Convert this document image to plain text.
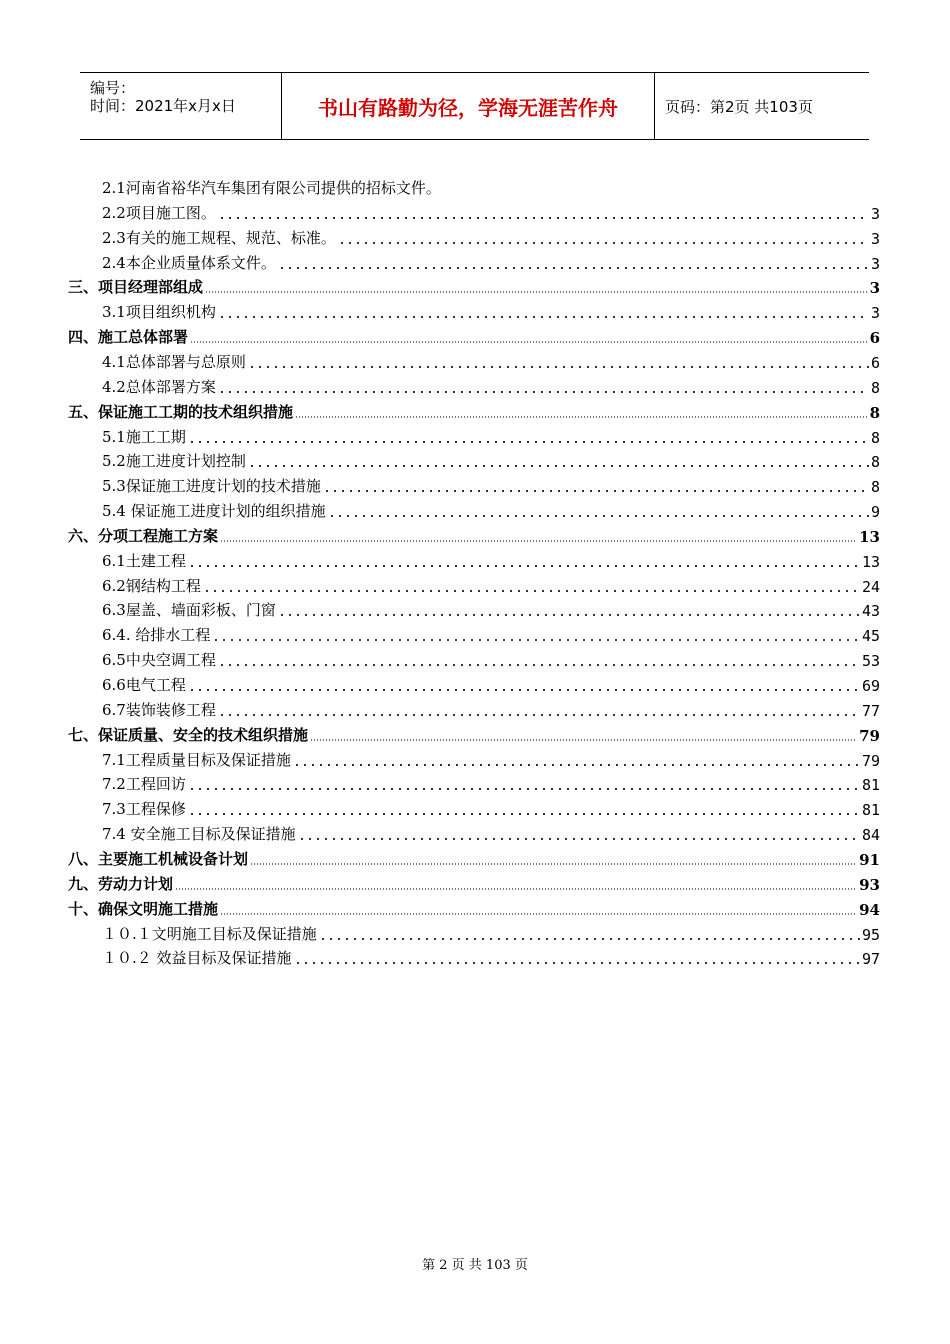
编号：
时间：2021年x月x日	书山有路勤为径，学海无涯苦作舟	页码：第2页 共103页
2.1河南省裕华汽车集团有限公司提供的招标文件。
2.2项目施工图。	3
2.3有关的施工规程、规范、标准。	3
2.4本企业质量体系文件。	3
三、项目经理部组成	3
3.1项目组织机构	3
四、施工总体部署	6
4.1总体部署与总原则	6
4.2总体部署方案	8
五、保证施工工期的技术组织措施	8
5.1施工工期	8
5.2施工进度计划控制	8
5.3保证施工进度计划的技术措施	8
5.4 保证施工进度计划的组织措施	9
六、分项工程施工方案	13
6.1土建工程	13
6.2钢结构工程	24
6.3屋盖、墙面彩板、门窗	43
6.4. 给排水工程	45
6.5中央空调工程	53
6.6电气工程	69
6.7装饰装修工程	77
七、保证质量、安全的技术组织措施	79
7.1工程质量目标及保证措施	79
7.2工程回访	81
7.3工程保修	81
7.4 安全施工目标及保证措施	84
八、主要施工机械设备计划	91
九、劳动力计划	93
十、确保文明施工措施	94
１０.１文明施工目标及保证措施	95
１０.２ 效益目标及保证措施	97
第 2 页 共 103 页
